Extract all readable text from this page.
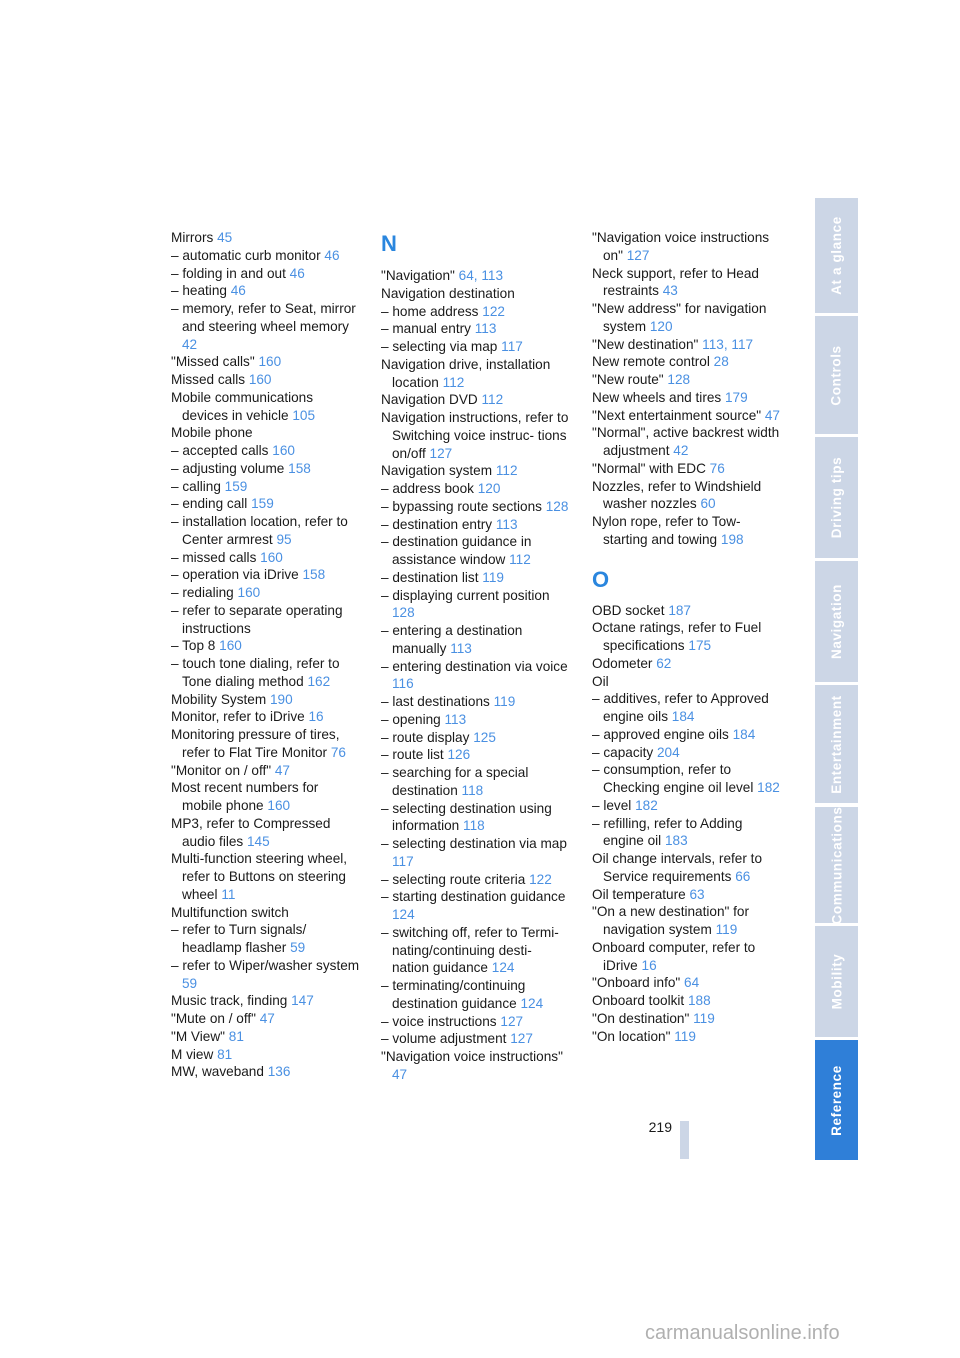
Mirrors 45
– automatic curb monitor 46
– folding in and out 46
– heating 46
– memory, refer to Seat, mirror and steering wheel memory 42
"Missed calls" 160
Missed calls 160
Mobile communications devices in vehicle 105
Mobile phone
– accepted calls 160
– adjusting volume 158
– calling 159
– ending call 159
– installation location, refer to Center armrest 95
– missed calls 160
– operation via iDrive 158
– redialing 160
– refer to separate operating instructions
– Top 8 160
– touch tone dialing, refer to Tone dialing method 162
Mobility System 190
Monitor, refer to iDrive 16
Monitoring pressure of tires, refer to Flat Tire Monitor 76
"Monitor on / off" 47
Most recent numbers for mobile phone 160
MP3, refer to Compressed audio files 145
Multi-function steering wheel, refer to Buttons on steering wheel 11
Multifunction switch
– refer to Turn signals/ headlamp flasher 59
– refer to Wiper/washer system 59
Music track, finding 147
"Mute on / off" 47
"M View" 81
M view 81
MW, waveband 136
N
"Navigation" 64, 113
Navigation destination
– home address 122
– manual entry 113
– selecting via map 117
Navigation drive, installation location 112
Navigation DVD 112
Navigation instructions, refer to Switching voice instruc- tions on/off 127
Navigation system 112
– address book 120
– bypassing route sections 128
– destination entry 113
– destination guidance in assistance window 112
– destination list 119
– displaying current position 128
– entering a destination manually 113
– entering destination via voice 116
– last destinations 119
– opening 113
– route display 125
– route list 126
– searching for a special destination 118
– selecting destination using information 118
– selecting destination via map 117
– selecting route criteria 122
– starting destination guidance 124
– switching off, refer to Termi- nating/continuing desti- nation guidance 124
– terminating/continuing destination guidance 124
– voice instructions 127
– volume adjustment 127
"Navigation voice instructions" 47
"Navigation voice instructions on" 127
Neck support, refer to Head restraints 43
"New address" for navigation system 120
"New destination" 113, 117
New remote control 28
"New route" 128
New wheels and tires 179
"Next entertainment source" 47
"Normal", active backrest width adjustment 42
"Normal" with EDC 76
Nozzles, refer to Windshield washer nozzles 60
Nylon rope, refer to Tow- starting and towing 198
O
OBD socket 187
Octane ratings, refer to Fuel specifications 175
Odometer 62
Oil
– additives, refer to Approved engine oils 184
– approved engine oils 184
– capacity 204
– consumption, refer to Checking engine oil level 182
– level 182
– refilling, refer to Adding engine oil 183
Oil change intervals, refer to Service requirements 66
Oil temperature 63
"On a new destination" for navigation system 119
Onboard computer, refer to iDrive 16
"Onboard info" 64
Onboard toolkit 188
"On destination" 119
"On location" 119
At a glance
Controls
Driving tips
Navigation
Entertainment
Communications
Mobility
Reference
219
carmanualsonline.info
